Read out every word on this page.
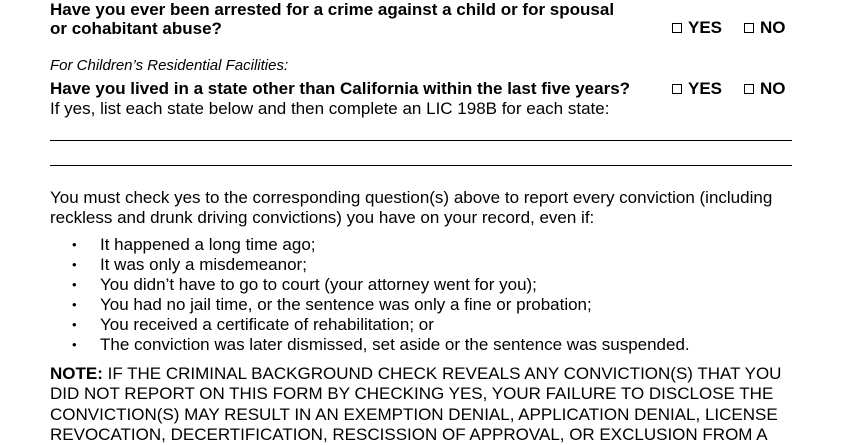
Have you ever been arrested for a crime against a child or for spousal
or cohabitant abuse?	YES NO
For Children’s Residential Facilities:
Have you lived in a state other than California within the last five years?
If yes, list each state below and then complete an LIC 198B for each state:
YES NO
You must check yes to the corresponding question(s) above to report every conviction (including
reckless and drunk driving convictions) you have on your record, even if:
•	It happened a long time ago;
•	It was only a misdemeanor;
•	You didn’t have to go to court (your attorney went for you);
•	You had no jail time, or the sentence was only a fine or probation;
•	You received a certificate of rehabilitation; or
•	The conviction was later dismissed, set aside or the sentence was suspended.
NOTE: IF THE CRIMINAL BACKGROUND CHECK REVEALS ANY CONVICTION(S) THAT YOU
DID NOT REPORT ON THIS FORM BY CHECKING YES, YOUR FAILURE TO DISCLOSE THE
CONVICTION(S) MAY RESULT IN AN EXEMPTION DENIAL, APPLICATION DENIAL, LICENSE
REVOCATION, DECERTIFICATION, RESCISSION OF APPROVAL, OR EXCLUSION FROM A
